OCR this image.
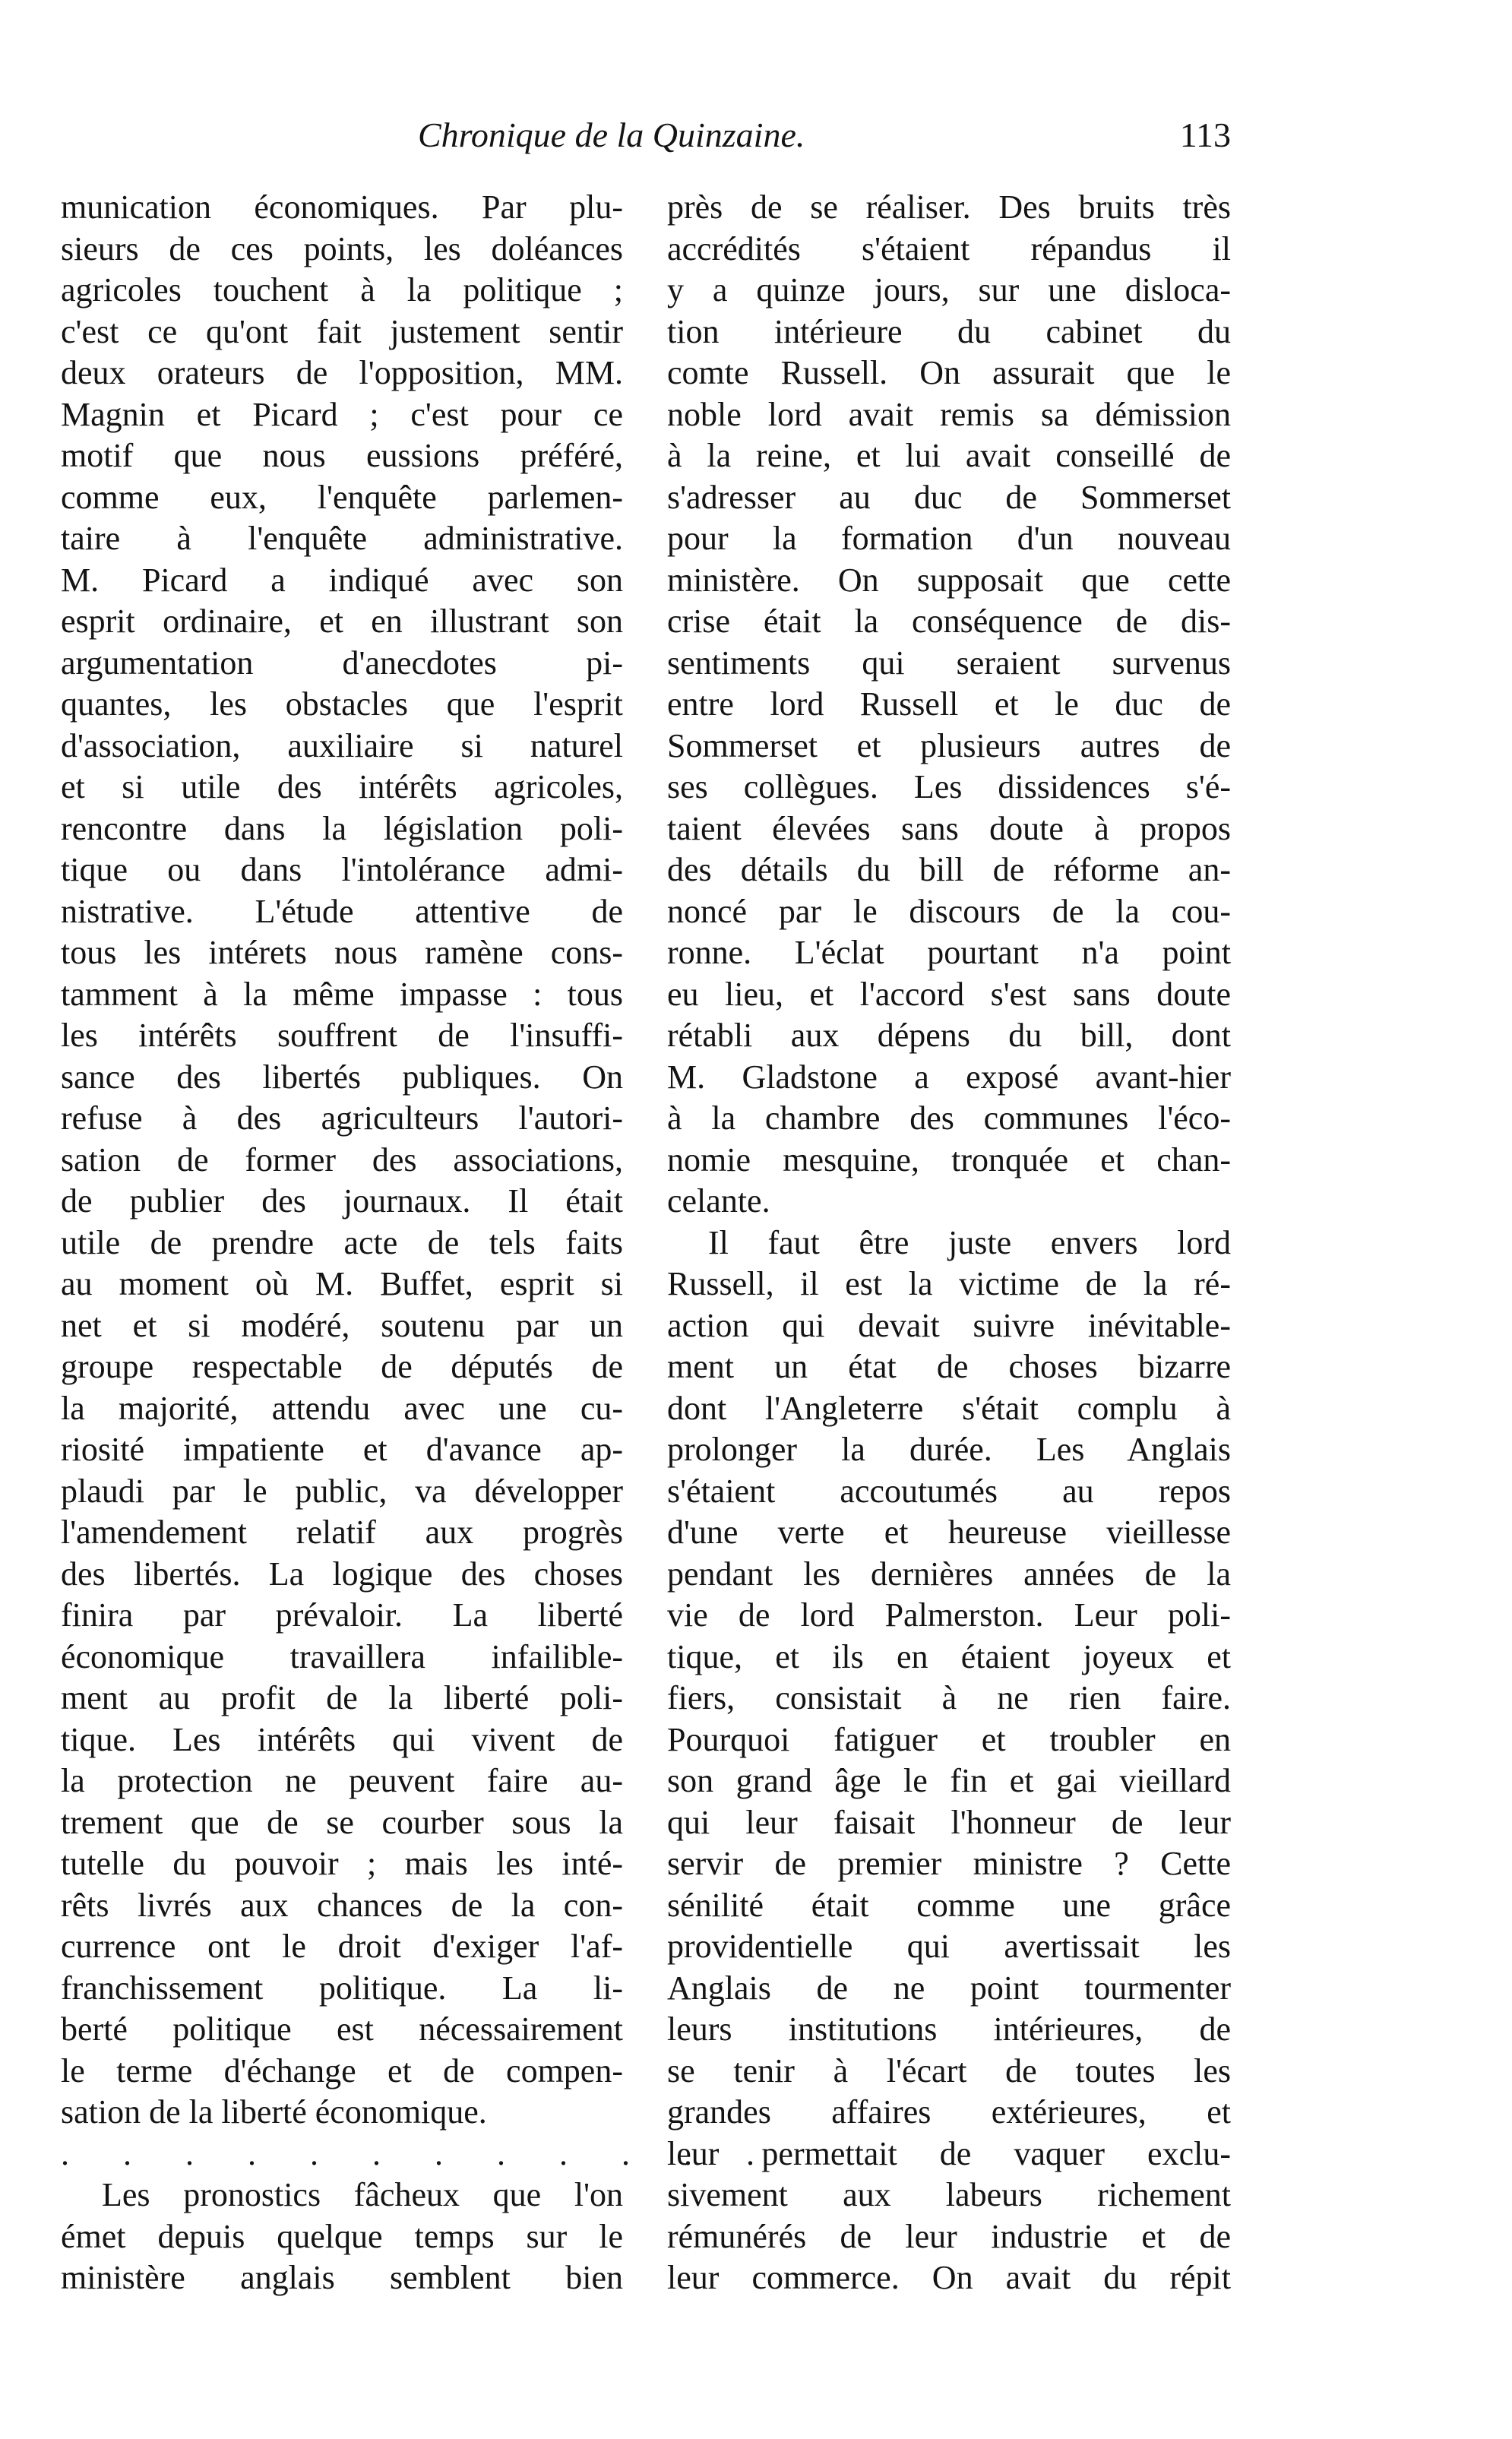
Chronique de la Quinzaine.	113
munication économiques. Par plu-
sieurs de ces points, les doléances
agricoles touchent à la politique ;
c'est ce qu'ont fait justement sentir
deux orateurs de l'opposition, MM.
Magnin et Picard ; c'est pour ce
motif que nous eussions préféré,
comme eux, l'enquête parlemen-
taire à l'enquête administrative.
M. Picard a indiqué avec son
esprit ordinaire, et en illustrant son
argumentation d'anecdotes pi-
quantes, les obstacles que l'esprit
d'association, auxiliaire si naturel
et si utile des intérêts agricoles,
rencontre dans la législation poli-
tique ou dans l'intolérance admi-
nistrative. L'étude attentive de
tous les intérets nous ramène cons-
tamment à la même impasse : tous
les intérêts souffrent de l'insuffi-
sance des libertés publiques. On
refuse à des agriculteurs l'autori-
sation de former des associations,
de publier des journaux. Il était
utile de prendre acte de tels faits
au moment où M. Buffet, esprit si
net et si modéré, soutenu par un
groupe respectable de députés de
la majorité, attendu avec une cu-
riosité impatiente et d'avance ap-
plaudi par le public, va développer
l'amendement relatif aux progrès
des libertés. La logique des choses
finira par prévaloir. La liberté
économique travaillera infailible-
ment au profit de la liberté poli-
tique. Les intérêts qui vivent de
la protection ne peuvent faire au-
trement que de se courber sous la
tutelle du pouvoir ; mais les inté-
rêts livrés aux chances de la con-
currence ont le droit d'exiger l'af-
franchissement politique. La li-
berté politique est nécessairement
le terme d'échange et de compen-
sation de la liberté économique.
. . . . . . . . . . . .
Les pronostics fâcheux que l'on
émet depuis quelque temps sur le
ministère anglais semblent bien
près de se réaliser. Des bruits très
accrédités s'étaient répandus il
y a quinze jours, sur une disloca-
tion intérieure du cabinet du
comte Russell. On assurait que le
noble lord avait remis sa démission
à la reine, et lui avait conseillé de
s'adresser au duc de Sommerset
pour la formation d'un nouveau
ministère. On supposait que cette
crise était la conséquence de dis-
sentiments qui seraient survenus
entre lord Russell et le duc de
Sommerset et plusieurs autres de
ses collègues. Les dissidences s'é-
taient élevées sans doute à propos
des détails du bill de réforme an-
noncé par le discours de la cou-
ronne. L'éclat pourtant n'a point
eu lieu, et l'accord s'est sans doute
rétabli aux dépens du bill, dont
M. Gladstone a exposé avant-hier
à la chambre des communes l'éco-
nomie mesquine, tronquée et chan-
celante.
Il faut être juste envers lord
Russell, il est la victime de la ré-
action qui devait suivre inévitable-
ment un état de choses bizarre
dont l'Angleterre s'était complu à
prolonger la durée. Les Anglais
s'étaient accoutumés au repos
d'une verte et heureuse vieillesse
pendant les dernières années de la
vie de lord Palmerston. Leur poli-
tique, et ils en étaient joyeux et
fiers, consistait à ne rien faire.
Pourquoi fatiguer et troubler en
son grand âge le fin et gai vieillard
qui leur faisait l'honneur de leur
servir de premier ministre ? Cette
sénilité était comme une grâce
providentielle qui avertissait les
Anglais de ne point tourmenter
leurs institutions intérieures, de
se tenir à l'écart de toutes les
grandes affaires extérieures, et
leur permettait de vaquer exclu-
sivement aux labeurs richement
rémunérés de leur industrie et de
leur commerce. On avait du répit
